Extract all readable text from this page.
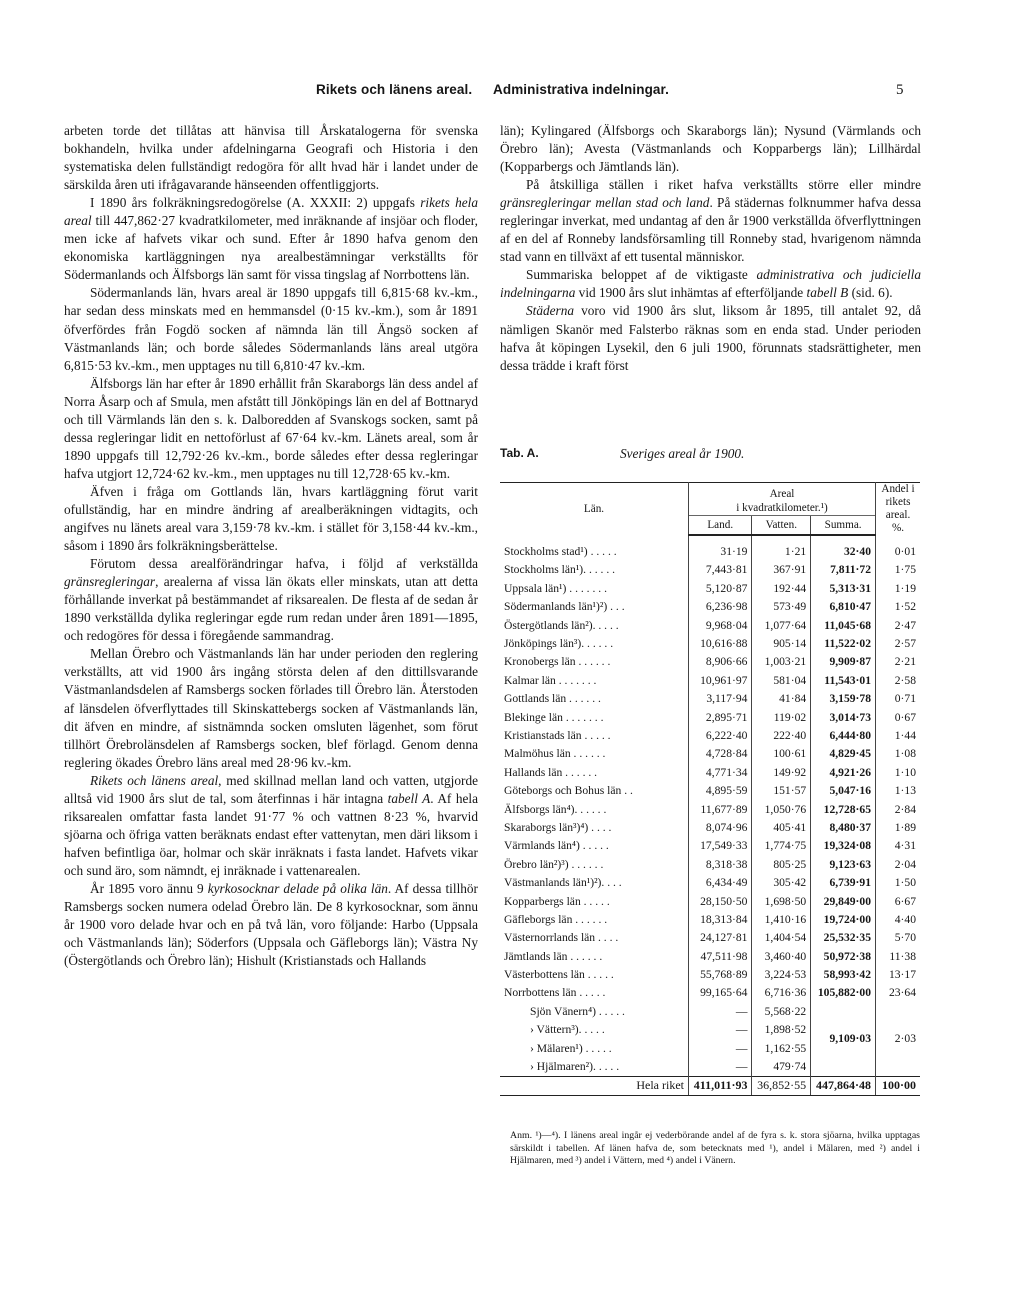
Rikets och länens areal. Administrativa indelningar.	5

arbeten torde det tillåtas att hänvisa till Årskatalogerna för svenska bokhandeln, hvilka under afdelningarna Geografi och Historia i den systematiska delen fullständigt redogöra för allt hvad här i landet under de särskilda åren uti ifrågavarande hänseenden offentliggjorts.

I 1890 års folkräkningsredogörelse (A. XXXII: 2) uppgafs rikets hela areal till 447,862·27 kvadratkilometer, med inräknande af insjöar och floder, men icke af hafvets vikar och sund. Efter år 1890 hafva genom den ekonomiska kartläggningen nya arealbestämningar verkställts för Södermanlands och Älfsborgs län samt för vissa tingslag af Norrbottens län.

Södermanlands län, hvars areal är 1890 uppgafs till 6,815·68 kv.-km., har sedan dess minskats med en hemmansdel (0·15 kv.-km.), som år 1891 öfverfördes från Fogdö socken af nämnda län till Ängsö socken af Västmanlands län; och borde således Södermanlands läns areal utgöra 6,815·53 kv.-km., men upptages nu till 6,810·47 kv.-km.

Älfsborgs län har efter år 1890 erhållit från Skaraborgs län dess andel af Norra Åsarp och af Smula, men afstått till Jönköpings län en del af Bottnaryd och till Värmlands län den s. k. Dalboredden af Svanskogs socken, samt på dessa regleringar lidit en nettoförlust af 67·64 kv.-km. Länets areal, som år 1890 uppgafs till 12,792·26 kv.-km., borde således efter dessa regleringar hafva utgjort 12,724·62 kv.-km., men upptages nu till 12,728·65 kv.-km.

Äfven i fråga om Gottlands län, hvars kartläggning förut varit ofullständig, har en mindre ändring af arealberäkningen vidtagits, och angifves nu länets areal vara 3,159·78 kv.-km. i stället för 3,158·44 kv.-km., såsom i 1890 års folkräkningsberättelse.

Förutom dessa arealförändringar hafva, i följd af verkställda gränsregleringar, arealerna af vissa län ökats eller minskats, utan att detta förhållande inverkat på bestämmandet af riksarealen. De flesta af de sedan år 1890 verkställda dylika regleringar egde rum redan under åren 1891—1895, och redogöres för dessa i föregående sammandrag.

Mellan Örebro och Västmanlands län har under perioden den reglering verkställts, att vid 1900 års ingång största delen af den dittillsvarande Västmanlandsdelen af Ramsbergs socken förlades till Örebro län. Återstoden af länsdelen öfverflyttades till Skinskattebergs socken af Västmanlands län, dit äfven en mindre, af sistnämnda socken omsluten lägenhet, som förut tillhört Örebrolänsdelen af Ramsbergs socken, blef förlagd. Genom denna reglering ökades Örebro läns areal med 28·96 kv.-km.

Rikets och länens areal, med skillnad mellan land och vatten, utgjorde alltså vid 1900 års slut de tal, som återfinnas i här intagna tabell A. Af hela riksarealen omfattar fasta landet 91·77 % och vattnen 8·23 %, hvarvid sjöarna och öfriga vatten beräknats endast efter vattenytan, men däri liksom i hafven befintliga öar, holmar och skär inräknats i fasta landet. Hafvets vikar och sund äro, som nämndt, ej inräknade i vattenarealen.

År 1895 voro ännu 9 kyrkosocknar delade på olika län. Af dessa tillhör Ramsbergs socken numera odelad Örebro län. De 8 kyrkosocknar, som ännu år 1900 voro delade hvar och en på två län, voro följande: Harbo (Uppsala och Västmanlands län); Söderfors (Uppsala och Gäfleborgs län); Västra Ny (Östergötlands och Örebro län); Hishult (Kristianstads och Hallands

län); Kylingared (Älfsborgs och Skaraborgs län); Nysund (Värmlands och Örebro län); Avesta (Västmanlands och Kopparbergs län); Lillhärdal (Kopparbergs och Jämtlands län).

På åtskilliga ställen i riket hafva verkställts större eller mindre gränsregleringar mellan stad och land. På städernas folknummer hafva dessa regleringar inverkat, med undantag af den år 1900 verkställda öfverflyttningen af en del af Ronneby landsförsamling till Ronneby stad, hvarigenom nämnda stad vann en tillväxt af ett tusental människor.

Summariska beloppet af de viktigaste administrativa och judiciella indelningarna vid 1900 års slut inhämtas af efterföljande tabell B (sid. 6).

Städerna voro vid 1900 års slut, liksom år 1895, till antalet 92, då nämligen Skanör med Falsterbo räknas som en enda stad. Under perioden hafva åt köpingen Lysekil, den 6 juli 1900, förunnats stadsrättigheter, men dessa trädde i kraft först

Tab. A.	Sveriges areal år 1900.
Län.	Areal
i kvadratkilometer.¹)			Andel i rikets areal. %.
	Land.	Vatten.	Summa.	
Stockholms stad¹) . . . . .	31·19	1·21	32·40	0·01
Stockholms län¹). . . . . .	7,443·81	367·91	7,811·72	1·75
Uppsala län¹) . . . . . . .	5,120·87	192·44	5,313·31	1·19
Södermanlands län¹)²) . . .	6,236·98	573·49	6,810·47	1·52
Östergötlands län²). . . . .	9,968·04	1,077·64	11,045·68	2·47
Jönköpings län³). . . . . .	10,616·88	905·14	11,522·02	2·57
Kronobergs län . . . . . .	8,906·66	1,003·21	9,909·87	2·21
Kalmar län . . . . . . .	10,961·97	581·04	11,543·01	2·58
Gottlands län . . . . . .	3,117·94	41·84	3,159·78	0·71
Blekinge län . . . . . . .	2,895·71	119·02	3,014·73	0·67
Kristianstads län . . . . .	6,222·40	222·40	6,444·80	1·44
Malmöhus län . . . . . .	4,728·84	100·61	4,829·45	1·08
Hallands län . . . . . .	4,771·34	149·92	4,921·26	1·10
Göteborgs och Bohus län . .	4,895·59	151·57	5,047·16	1·13
Älfsborgs län⁴). . . . . .	11,677·89	1,050·76	12,728·65	2·84
Skaraborgs län³)⁴) . . . .	8,074·96	405·41	8,480·37	1·89
Värmlands län⁴) . . . . .	17,549·33	1,774·75	19,324·08	4·31
Örebro län²)³) . . . . . .	8,318·38	805·25	9,123·63	2·04
Västmanlands län¹)²). . . .	6,434·49	305·42	6,739·91	1·50
Kopparbergs län . . . . .	28,150·50	1,698·50	29,849·00	6·67
Gäfleborgs län . . . . . .	18,313·84	1,410·16	19,724·00	4·40
Västernorrlands län . . . .	24,127·81	1,404·54	25,532·35	5·70
Jämtlands län . . . . . .	47,511·98	3,460·40	50,972·38	11·38
Västerbottens län . . . . .	55,768·89	3,224·53	58,993·42	13·17
Norrbottens län . . . . .	99,165·64	6,716·36	105,882·00	23·64
Sjön Vänern⁴) . . . . .	—	5,568·22	9,109·03	2·03
› Vättern³). . . . .	—	1,898·52		
› Mälaren¹) . . . . .	—	1,162·55		
› Hjälmaren²). . . . .	—	479·74		
Hela riket	411,011·93	36,852·55	447,864·48	100·00

Anm. ¹)—⁴). I länens areal ingår ej vederbörande andel af de fyra s. k. stora sjöarna, hvilka upptagas särskildt i tabellen. Af länen hafva de, som betecknats med ¹), andel i Mälaren, med ²) andel i Hjälmaren, med ³) andel i Vättern, med ⁴) andel i Vänern.
